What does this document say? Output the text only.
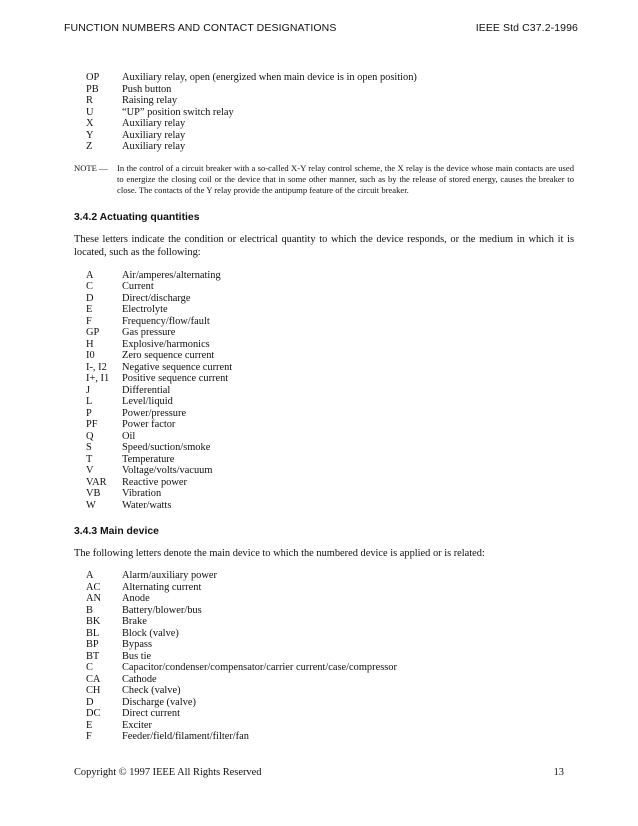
FUNCTION NUMBERS AND CONTACT DESIGNATIONS	IEEE Std C37.2-1996
OP	Auxiliary relay, open (energized when main device is in open position)
PB	Push button
R	Raising relay
U	“UP” position switch relay
X	Auxiliary relay
Y	Auxiliary relay
Z	Auxiliary relay
NOTE — In the control of a circuit breaker with a so-called X-Y relay control scheme, the X relay is the device whose main contacts are used to energize the closing coil or the device that in some other manner, such as by the release of stored energy, causes the breaker to close. The contacts of the Y relay provide the antipump feature of the circuit breaker.
3.4.2 Actuating quantities
These letters indicate the condition or electrical quantity to which the device responds, or the medium in which it is located, such as the following:
A	Air/amperes/alternating
C	Current
D	Direct/discharge
E	Electrolyte
F	Frequency/flow/fault
GP	Gas pressure
H	Explosive/harmonics
I0	Zero sequence current
I-, I2	Negative sequence current
I+, I1	Positive sequence current
J	Differential
L	Level/liquid
P	Power/pressure
PF	Power factor
Q	Oil
S	Speed/suction/smoke
T	Temperature
V	Voltage/volts/vacuum
VAR	Reactive power
VB	Vibration
W	Water/watts
3.4.3 Main device
The following letters denote the main device to which the numbered device is applied or is related:
A	Alarm/auxiliary power
AC	Alternating current
AN	Anode
B	Battery/blower/bus
BK	Brake
BL	Block (valve)
BP	Bypass
BT	Bus tie
C	Capacitor/condenser/compensator/carrier current/case/compressor
CA	Cathode
CH	Check (valve)
D	Discharge (valve)
DC	Direct current
E	Exciter
F	Feeder/field/filament/filter/fan
Copyright © 1997 IEEE All Rights Reserved	13
